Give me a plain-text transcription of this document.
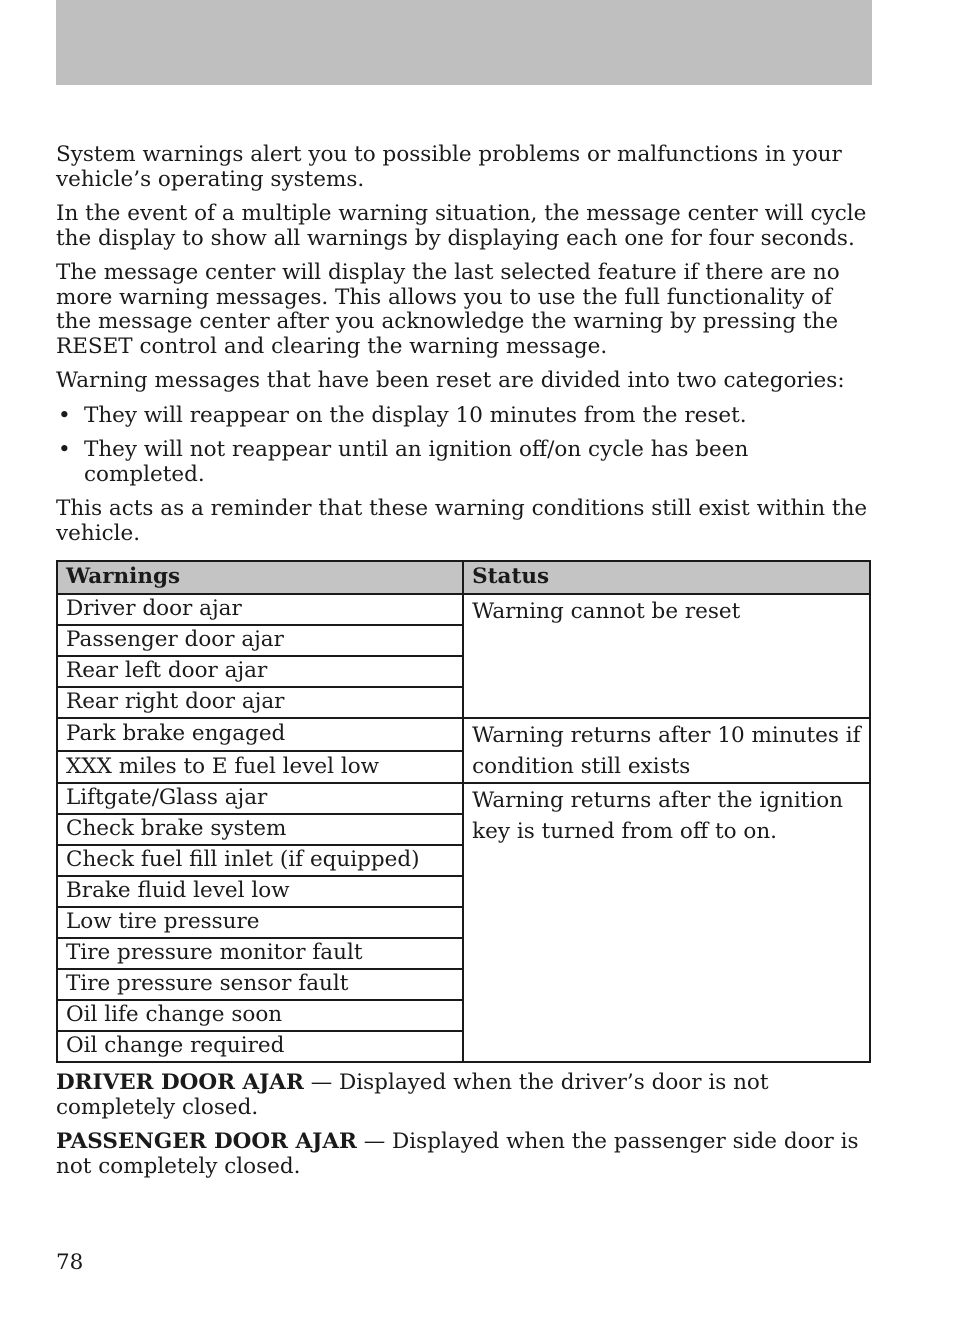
System warnings alert you to possible problems or malfunctions in your vehicle’s operating systems.

In the event of a multiple warning situation, the message center will cycle the display to show all warnings by displaying each one for four seconds.

The message center will display the last selected feature if there are no more warning messages. This allows you to use the full functionality of the message center after you acknowledge the warning by pressing the RESET control and clearing the warning message.

Warning messages that have been reset are divided into two categories:

• They will reappear on the display 10 minutes from the reset.
• They will not reappear until an ignition off/on cycle has been completed.

This acts as a reminder that these warning conditions still exist within the vehicle.

Warnings	Status
Driver door ajar	Warning cannot be reset
Passenger door ajar	
Rear left door ajar	
Rear right door ajar	
Park brake engaged	Warning returns after 10 minutes if condition still exists
XXX miles to E fuel level low	
Liftgate/Glass ajar	Warning returns after the ignition key is turned from off to on.
Check brake system	
Check fuel fill inlet (if equipped)	
Brake fluid level low	
Low tire pressure	
Tire pressure monitor fault	
Tire pressure sensor fault	
Oil life change soon	
Oil change required	

DRIVER DOOR AJAR — Displayed when the driver’s door is not completely closed.

PASSENGER DOOR AJAR — Displayed when the passenger side door is not completely closed.

78
